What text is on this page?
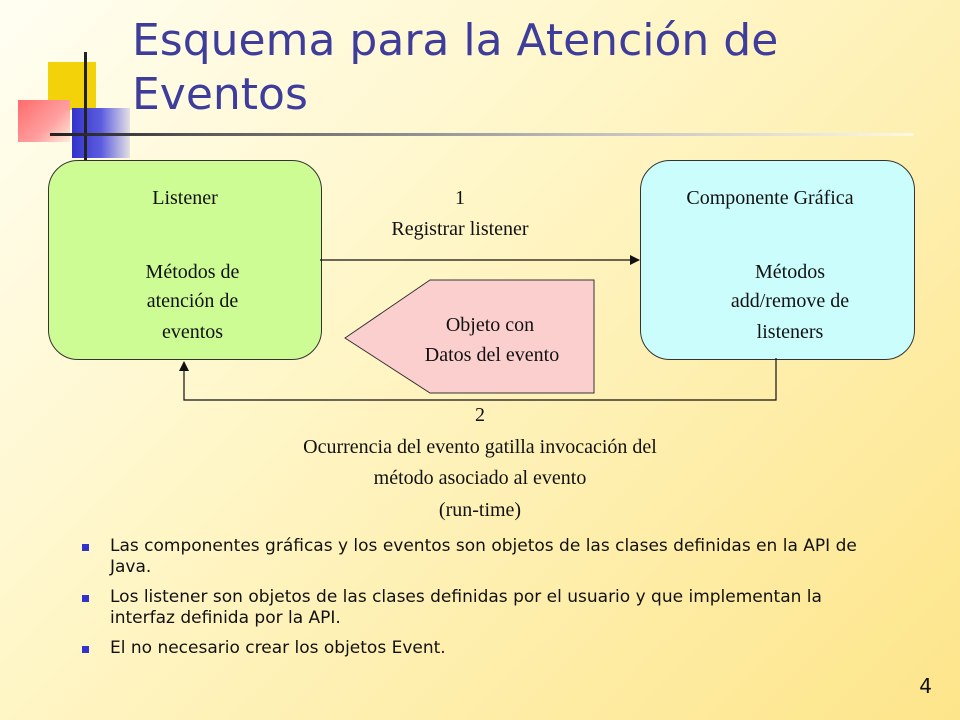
Esquema para la Atención de Eventos
Listener
Métodos de
atención de
eventos
Componente Gráfica
Métodos
add/remove de
listeners
1
Registrar listener
Objeto con
Datos del evento
2
Ocurrencia del evento gatilla invocación del
método asociado al evento
(run-time)
Las componentes gráficas y los eventos son objetos de las clases definidas en la API de Java.
Los listener son objetos de las clases definidas por el usuario y que implementan la interfaz definida por la API.
El no necesario crear los objetos Event.
4
